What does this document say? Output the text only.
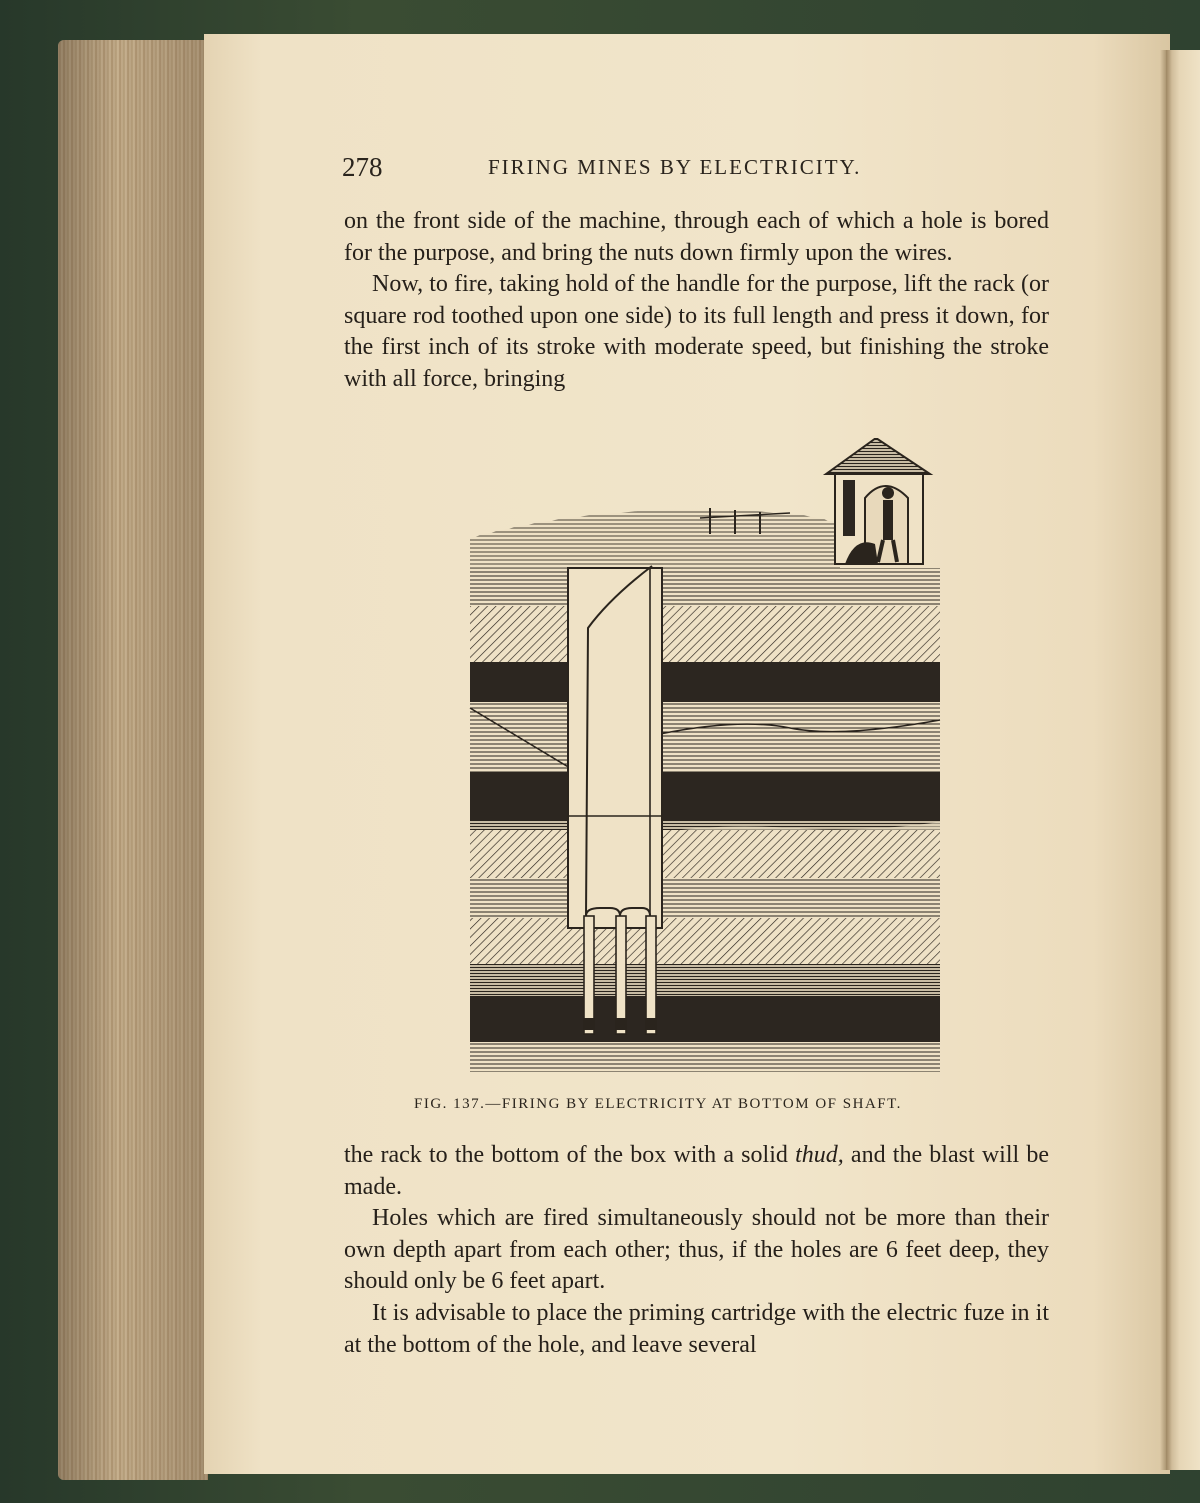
278	FIRING MINES BY ELECTRICITY.

on the front side of the machine, through each of which a hole is bored for the purpose, and bring the nuts down firmly upon the wires.

Now, to fire, taking hold of the handle for the purpose, lift the rack (or square rod toothed upon one side) to its full length and press it down, for the first inch of its stroke with moderate speed, but finishing the stroke with all force, bringing

FIG. 137.—FIRING BY ELECTRICITY AT BOTTOM OF SHAFT.

the rack to the bottom of the box with a solid thud, and the blast will be made.

Holes which are fired simultaneously should not be more than their own depth apart from each other; thus, if the holes are 6 feet deep, they should only be 6 feet apart.

It is advisable to place the priming cartridge with the electric fuze in it at the bottom of the hole, and leave several
